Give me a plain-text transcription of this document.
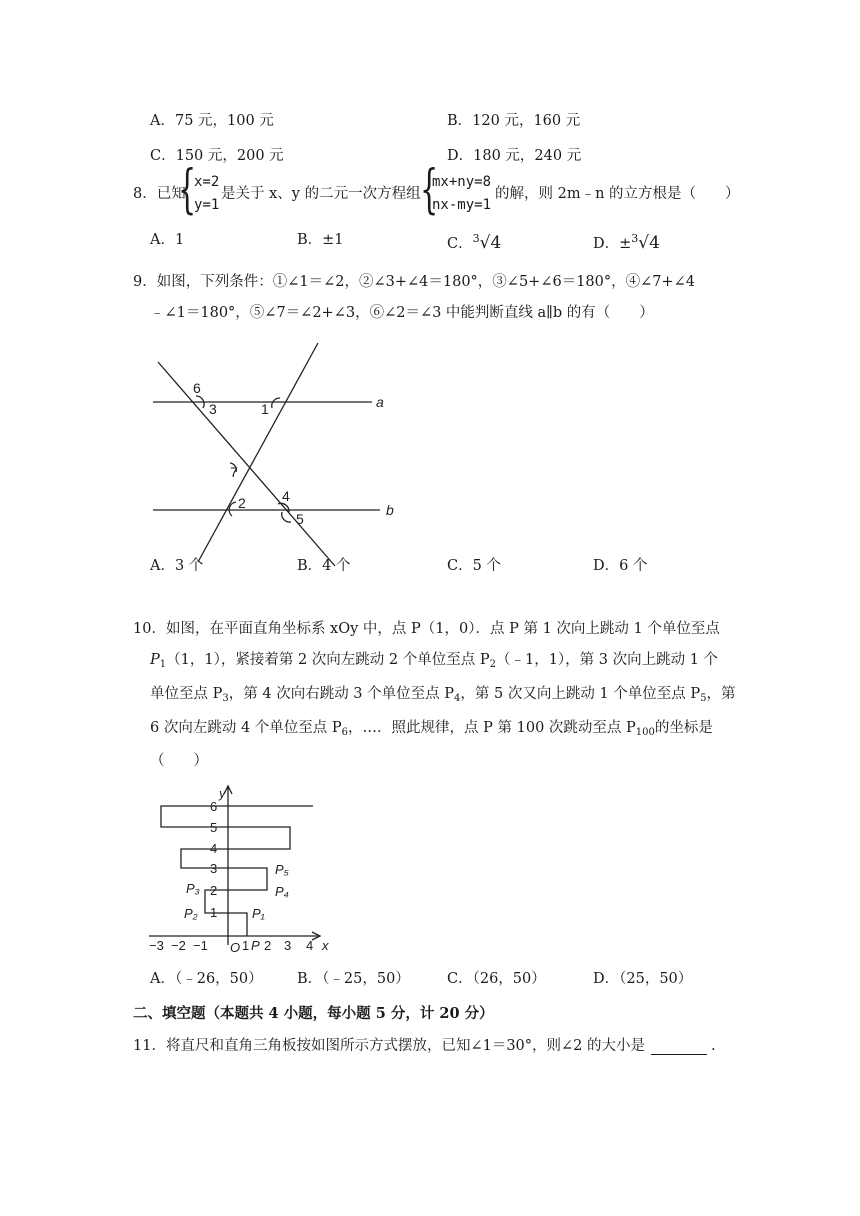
A．75 元，100 元	B．120 元，160 元
C．150 元，200 元	D．180 元，240 元
8．已知
{
x=2
y=1
是关于 x、y 的二元一次方程组 {
mx+ny=8
nx-my=1
的解，则 2m﹣n 的立方根是（　　）
A．1	B．±1	C．$^3$√4	D．±$^3$√4
9．如图，下列条件：①∠1＝∠2，②∠3+∠4＝180°，③∠5+∠6＝180°，④∠7+∠4
﹣∠1＝180°，⑤∠7＝∠2+∠3，⑥∠2＝∠3 中能判断直线 a∥b 的有（　　）
a
b
1
2
3
4
5
6
7
A．3 个	B．4 个	C．5 个	D．6 个
10．如图，在平面直角坐标系 xOy 中，点 P（1，0）．点 P 第 1 次向上跳动 1 个单位至点
$P_1(1$，1），紧接着第 2 次向左跳动 2 个单位至点 $P_2(﹣1$，1），第 3 次向上跳动 1 个
单位至点 $P_3$，第 4 次向右跳动 3 个单位至点 $P_4$，第 5 次又向上跳动 1 个单位至点 $P_5$，第
6 次向左跳动 4 个单位至点 $P_6$，…．照此规律，点 P 第 100 次跳动至点 $P_{100}$的坐标是
（　　）
y
x
O
−3 −2 −1	1 2 3 4
1
2
3
4
5
6
P
P₁
P₂
P₃	P₄
P₅
A．（﹣26，50） B．（﹣25，50）	C．（26，50）	D．（25，50）
二、填空题（本题共 4 小题，每小题 5 分，计 20 分）
11．将直尺和直角三角板按如图所示方式摆放，已知∠1＝30°，则∠2 的大小是	.
